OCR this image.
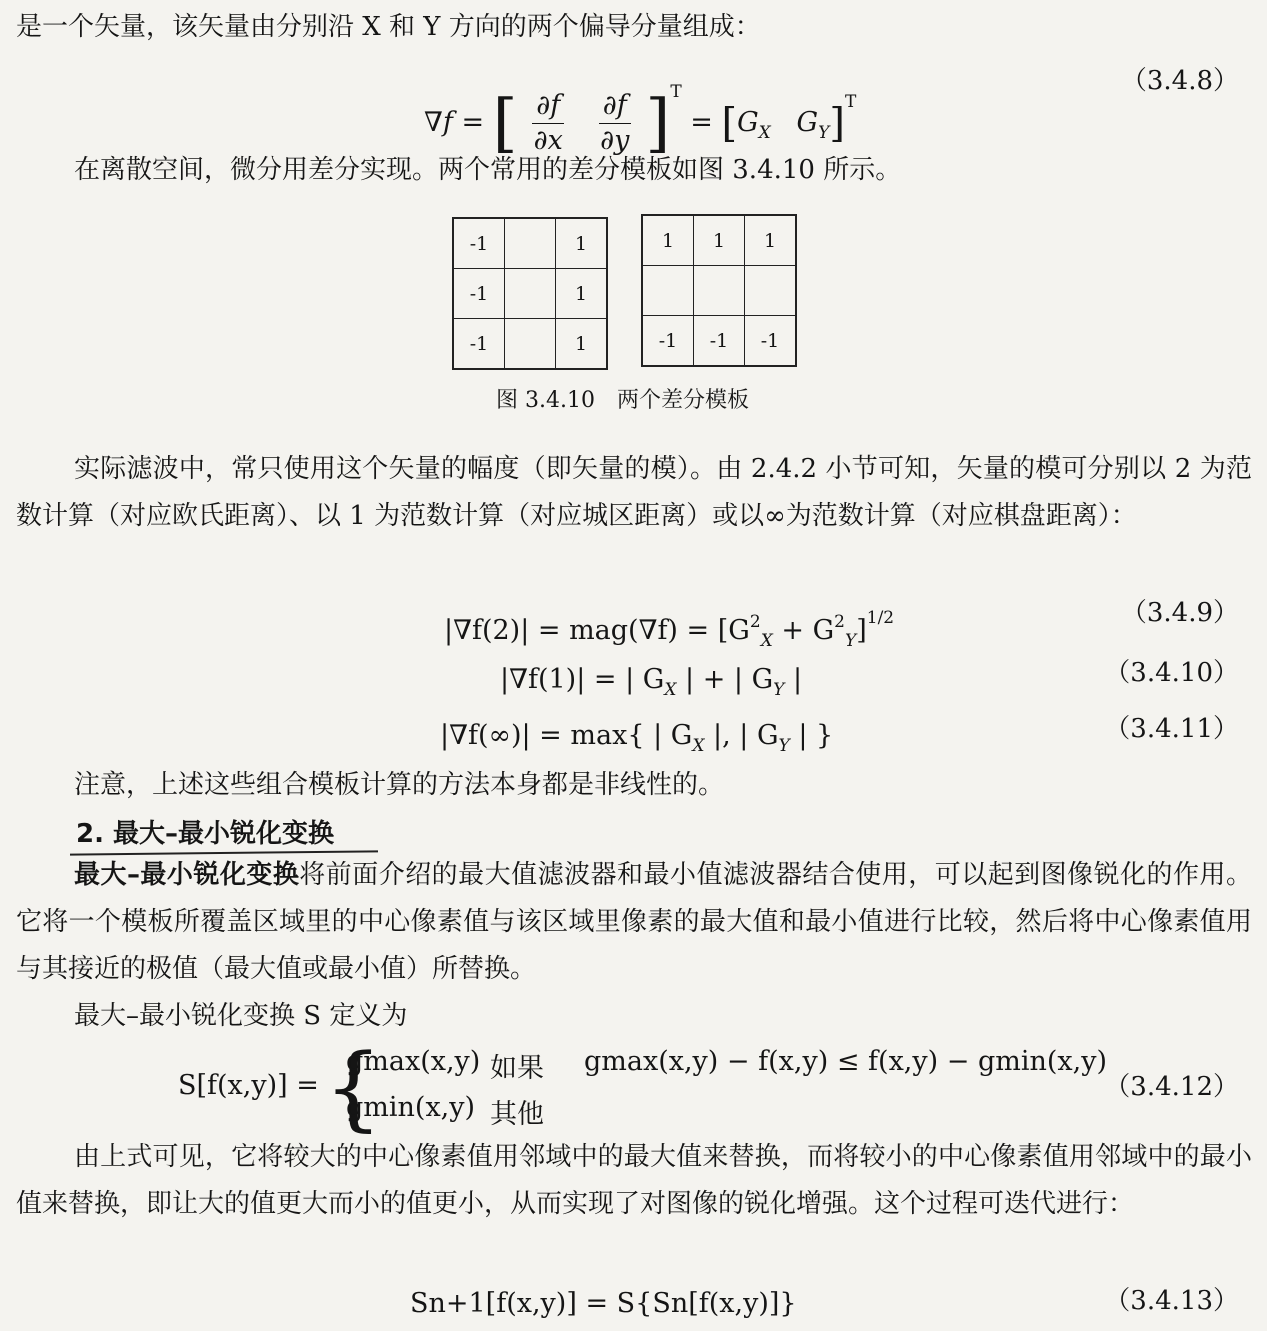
是一个矢量，该矢量由分别沿 X 和 Y 方向的两个偏导分量组成：

∇f = [ $\frac{\partial f}{\partial x}$
$\frac{\partial f}{\partial y} ]^T = [G_X$ $G_Y]^T$
（3.4.8）

在离散空间，微分用差分实现。两个常用的差分模板如图 3.4.10 所示。

-1		1
-1		1
-1		1
1	1	1

-1	-1	-1
图 3.4.10　两个差分模板

实际滤波中，常只使用这个矢量的幅度（即矢量的模）。由 2.4.2 小节可知，矢量的模可分别以 2 为范数计算（对应欧氏距离）、以 1 为范数计算（对应城区距离）或以∞为范数计算（对应棋盘距离）：

$|\nabla f(2)| = mag(\nabla f) = [G^2_X + G^2_Y]^{1/2}$	（3.4.9）
|∇f(1)| = | $G_X$ | + | $G_Y$ |	（3.4.10）
|∇f(∞)| = max{ | $G_X$ |, | $G_Y$ | }	（3.4.11）

注意，上述这些组合模板计算的方法本身都是非线性的。

2. 最大–最小锐化变换

最大–最小锐化变换将前面介绍的最大值滤波器和最小值滤波器结合使用，可以起到图像锐化的作用。它将一个模板所覆盖区域里的中心像素值与该区域里像素的最大值和最小值进行比较，然后将中心像素值用与其接近的极值（最大值或最小值）所替换。

最大–最小锐化变换 S 定义为

S[f(x,y)] = {
gmax(x,y) 如果 gmax(x,y) − f(x,y) ≤ f(x,y) − gmin(x,y)
gmin(x,y) 其他
（3.4.12）

由上式可见，它将较大的中心像素值用邻域中的最大值来替换，而将较小的中心像素值用邻域中的最小值来替换，即让大的值更大而小的值更小，从而实现了对图像的锐化增强。这个过程可迭代进行：

Sn+1[f(x,y)] = S{Sn[f(x,y)]}	（3.4.13）
